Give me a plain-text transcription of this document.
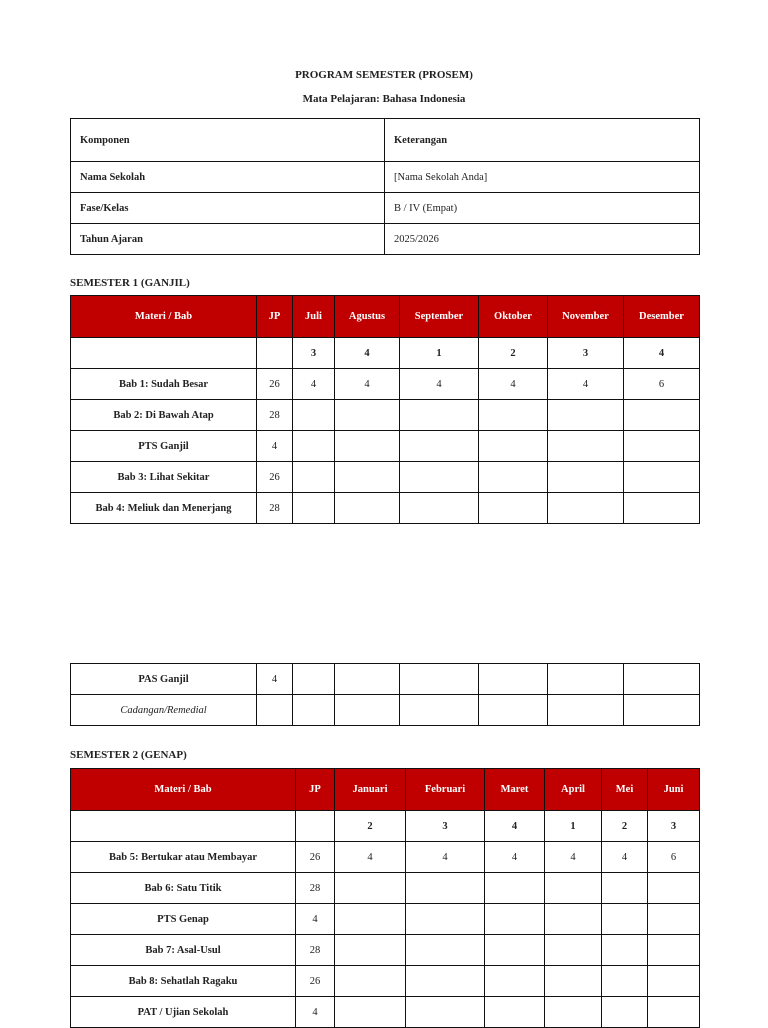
PROGRAM SEMESTER (PROSEM)
Mata Pelajaran: Bahasa Indonesia
Komponen	Keterangan
Nama Sekolah	[Nama Sekolah Anda]
Fase/Kelas	B / IV (Empat)
Tahun Ajaran	2025/2026
SEMESTER 1 (GANJIL)
Materi / Bab	JP	Juli	Agustus	September	Oktober	November	Desember
		3	4	1	2	3	4
Bab 1: Sudah Besar	26	4	4	4	4	4	6
Bab 2: Di Bawah Atap	28						
PTS Ganjil	4						
Bab 3: Lihat Sekitar	26						
Bab 4: Meliuk dan Menerjang	28						
PAS Ganjil	4						
Cadangan/Remedial							
SEMESTER 2 (GENAP)
Materi / Bab	JP	Januari	Februari	Maret	April	Mei	Juni
		2	3	4	1	2	3
Bab 5: Bertukar atau Membayar	26	4	4	4	4	4	6
Bab 6: Satu Titik	28						
PTS Genap	4						
Bab 7: Asal-Usul	28						
Bab 8: Sehatlah Ragaku	26						
PAT / Ujian Sekolah	4						
